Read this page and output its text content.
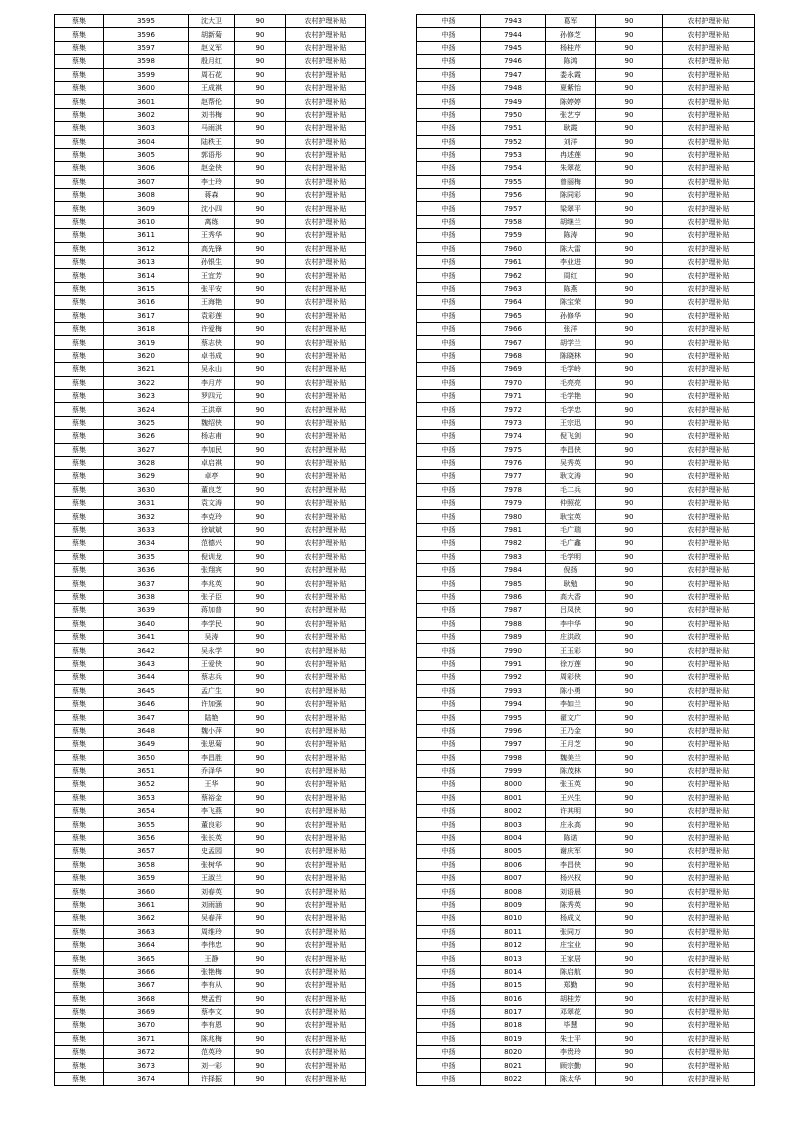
蔡集	3595	沈大卫	90	农村护理补贴
蔡集	3596	胡新菊	90	农村护理补贴
蔡集	3597	赵义军	90	农村护理补贴
蔡集	3598	殷月红	90	农村护理补贴
蔡集	3599	周石花	90	农村护理补贴
蔡集	3600	王成祺	90	农村护理补贴
蔡集	3601	赵帮伦	90	农村护理补贴
蔡集	3602	刘书梅	90	农村护理补贴
蔡集	3603	马雨淇	90	农村护理补贴
蔡集	3604	陆秩王	90	农村护理补贴
蔡集	3605	郭语彤	90	农村护理补贴
蔡集	3606	赵金侠	90	农村护理补贴
蔡集	3607	李士玲	90	农村护理补贴
蔡集	3608	蒋森	90	农村护理补贴
蔡集	3609	沈小四	90	农村护理补贴
蔡集	3610	离练	90	农村护理补贴
蔡集	3611	王秀华	90	农村护理补贴
蔡集	3612	高先锋	90	农村护理补贴
蔡集	3613	孙银生	90	农村护理补贴
蔡集	3614	王宜芳	90	农村护理补贴
蔡集	3615	张平安	90	农村护理补贴
蔡集	3616	王海艳	90	农村护理补贴
蔡集	3617	袁彩莲	90	农村护理补贴
蔡集	3618	许爱梅	90	农村护理补贴
蔡集	3619	蔡志侠	90	农村护理补贴
蔡集	3620	卓书成	90	农村护理补贴
蔡集	3621	吴永山	90	农村护理补贴
蔡集	3622	李月芹	90	农村护理补贴
蔡集	3623	罗四元	90	农村护理补贴
蔡集	3624	王洪章	90	农村护理补贴
蔡集	3625	魏绍侠	90	农村护理补贴
蔡集	3626	杨志甫	90	农村护理补贴
蔡集	3627	李加民	90	农村护理补贴
蔡集	3628	卓启祺	90	农村护理补贴
蔡集	3629	卓亭	90	农村护理补贴
蔡集	3630	董良芝	90	农村护理补贴
蔡集	3631	袁文涛	90	农村护理补贴
蔡集	3632	李克玲	90	农村护理补贴
蔡集	3633	徐斌斌	90	农村护理补贴
蔡集	3634	范德兴	90	农村护理补贴
蔡集	3635	倪训龙	90	农村护理补贴
蔡集	3636	张翔宾	90	农村护理补贴
蔡集	3637	李兆英	90	农村护理补贴
蔡集	3638	张子臣	90	农村护理补贴
蔡集	3639	蒋加普	90	农村护理补贴
蔡集	3640	李学民	90	农村护理补贴
蔡集	3641	吴涛	90	农村护理补贴
蔡集	3642	吴永学	90	农村护理补贴
蔡集	3643	王爱侠	90	农村护理补贴
蔡集	3644	蔡志兵	90	农村护理补贴
蔡集	3645	孟广生	90	农村护理补贴
蔡集	3646	许加强	90	农村护理补贴
蔡集	3647	陆艳	90	农村护理补贴
蔡集	3648	魏小萍	90	农村护理补贴
蔡集	3649	张思菊	90	农村护理补贴
蔡集	3650	李昌胜	90	农村护理补贴
蔡集	3651	乔泽华	90	农村护理补贴
蔡集	3652	王华	90	农村护理补贴
蔡集	3653	蔡裕金	90	农村护理补贴
蔡集	3654	李飞燕	90	农村护理补贴
蔡集	3655	董良彩	90	农村护理补贴
蔡集	3656	张长英	90	农村护理补贴
蔡集	3657	史孟园	90	农村护理补贴
蔡集	3658	张树华	90	农村护理补贴
蔡集	3659	王淑兰	90	农村护理补贴
蔡集	3660	刘春英	90	农村护理补贴
蔡集	3661	刘雨涵	90	农村护理补贴
蔡集	3662	吴春萍	90	农村护理补贴
蔡集	3663	周维玲	90	农村护理补贴
蔡集	3664	李伟忠	90	农村护理补贴
蔡集	3665	王静	90	农村护理补贴
蔡集	3666	张艳梅	90	农村护理补贴
蔡集	3667	李有从	90	农村护理补贴
蔡集	3668	樊孟哲	90	农村护理补贴
蔡集	3669	蔡李文	90	农村护理补贴
蔡集	3670	李有恩	90	农村护理补贴
蔡集	3671	陈兆梅	90	农村护理补贴
蔡集	3672	范英玲	90	农村护理补贴
蔡集	3673	刘一彩	90	农村护理补贴
蔡集	3674	许择振	90	农村护理补贴
中扬	7943	葛军	90	农村护理补贴
中扬	7944	孙修芝	90	农村护理补贴
中扬	7945	杨桂芹	90	农村护理补贴
中扬	7946	陈鸿	90	农村护理补贴
中扬	7947	娄永霞	90	农村护理补贴
中扬	7948	夏紫怡	90	农村护理补贴
中扬	7949	陈婷婷	90	农村护理补贴
中扬	7950	张艺亨	90	农村护理补贴
中扬	7951	耿霞	90	农村护理补贴
中扬	7952	刘洋	90	农村护理补贴
中扬	7953	冉述莲	90	农村护理补贴
中扬	7954	朱翠花	90	农村护理补贴
中扬	7955	曾丽梅	90	农村护理补贴
中扬	7956	陈同彩	90	农村护理补贴
中扬	7957	梁翠平	90	农村护理补贴
中扬	7958	胡继兰	90	农村护理补贴
中扬	7959	陈涛	90	农村护理补贴
中扬	7960	陈大雷	90	农村护理补贴
中扬	7961	李业进	90	农村护理补贴
中扬	7962	周红	90	农村护理补贴
中扬	7963	陈燕	90	农村护理补贴
中扬	7964	陈宝荣	90	农村护理补贴
中扬	7965	孙修华	90	农村护理补贴
中扬	7966	张洋	90	农村护理补贴
中扬	7967	胡学兰	90	农村护理补贴
中扬	7968	陈晓林	90	农村护理补贴
中扬	7969	毛学岭	90	农村护理补贴
中扬	7970	毛亮亮	90	农村护理补贴
中扬	7971	毛学艳	90	农村护理补贴
中扬	7972	毛学忠	90	农村护理补贴
中扬	7973	王宗迅	90	农村护理补贴
中扬	7974	倪飞剑	90	农村护理补贴
中扬	7975	李昌侠	90	农村护理补贴
中扬	7976	吴秀英	90	农村护理补贴
中扬	7977	耿文涛	90	农村护理补贴
中扬	7978	毛二兵	90	农村护理补贴
中扬	7979	仲照花	90	农村护理补贴
中扬	7980	耿宝英	90	农村护理补贴
中扬	7981	毛广瑞	90	农村护理补贴
中扬	7982	毛广鑫	90	农村护理补贴
中扬	7983	毛学明	90	农村护理补贴
中扬	7984	倪扬	90	农村护理补贴
中扬	7985	耿勉	90	农村护理补贴
中扬	7986	高大香	90	农村护理补贴
中扬	7987	吕凤侠	90	农村护理补贴
中扬	7988	李中华	90	农村护理补贴
中扬	7989	庄洪政	90	农村护理补贴
中扬	7990	王玉彩	90	农村护理补贴
中扬	7991	徐万莲	90	农村护理补贴
中扬	7992	周彩侠	90	农村护理补贴
中扬	7993	陈小勇	90	农村护理补贴
中扬	7994	李如兰	90	农村护理补贴
中扬	7995	翟文广	90	农村护理补贴
中扬	7996	王乃金	90	农村护理补贴
中扬	7997	王月芝	90	农村护理补贴
中扬	7998	魏美兰	90	农村护理补贴
中扬	7999	陈茂林	90	农村护理补贴
中扬	8000	张玉英	90	农村护理补贴
中扬	8001	王兴生	90	农村护理补贴
中扬	8002	许其明	90	农村护理补贴
中扬	8003	庄永高	90	农村护理补贴
中扬	8004	陈诺	90	农村护理补贴
中扬	8005	谢庆军	90	农村护理补贴
中扬	8006	李昌侠	90	农村护理补贴
中扬	8007	杨兴权	90	农村护理补贴
中扬	8008	刘语晨	90	农村护理补贴
中扬	8009	陈秀英	90	农村护理补贴
中扬	8010	杨成义	90	农村护理补贴
中扬	8011	张同万	90	农村护理补贴
中扬	8012	庄宝业	90	农村护理补贴
中扬	8013	王家居	90	农村护理补贴
中扬	8014	陈启航	90	农村护理补贴
中扬	8015	郑勤	90	农村护理补贴
中扬	8016	胡桂芳	90	农村护理补贴
中扬	8017	邓翠花	90	农村护理补贴
中扬	8018	毕慧	90	农村护理补贴
中扬	8019	朱士平	90	农村护理补贴
中扬	8020	李贵玲	90	农村护理补贴
中扬	8021	顾宗勤	90	农村护理补贴
中扬	8022	陈太华	90	农村护理补贴
